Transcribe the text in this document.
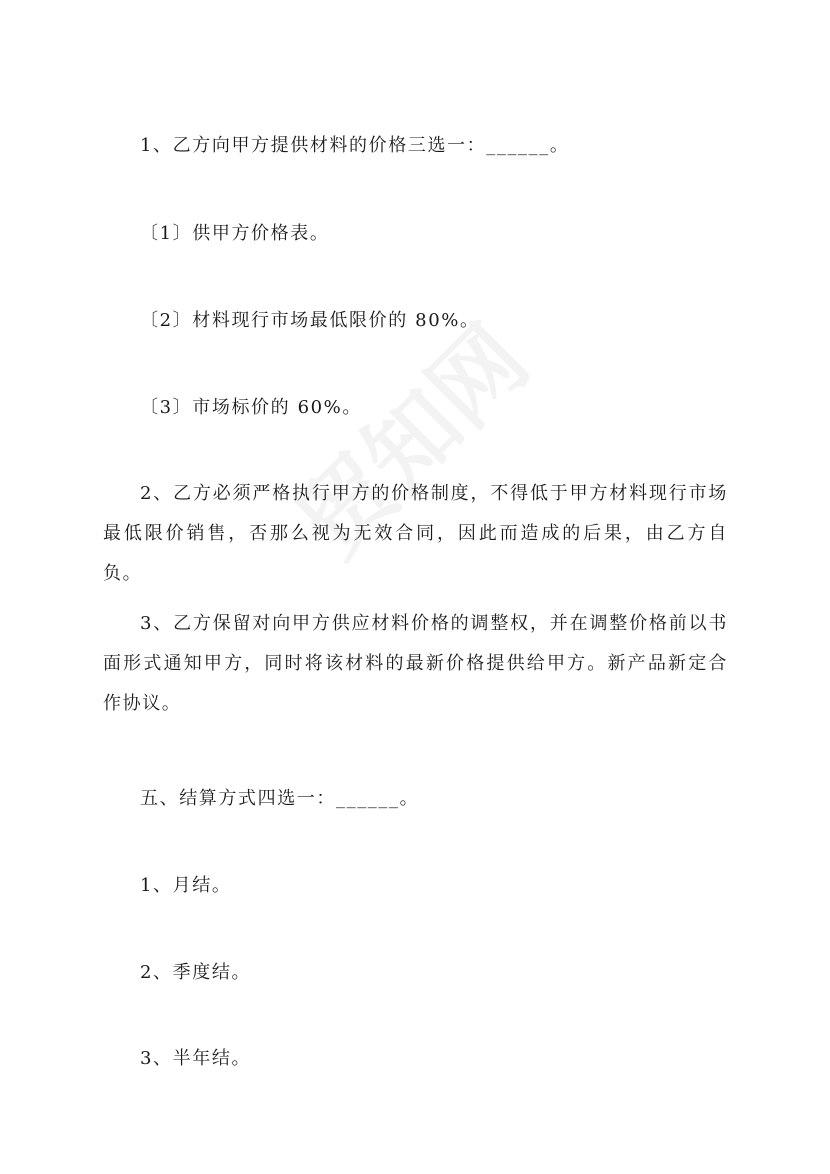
1、乙方向甲方提供材料的价格三选一：______。

〔1〕供甲方价格表。

〔2〕材料现行市场最低限价的 80%。

〔3〕市场标价的 60%。

2、乙方必须严格执行甲方的价格制度，不得低于甲方材料现行市场最低限价销售，否那么视为无效合同，因此而造成的后果，由乙方自负。

3、乙方保留对向甲方供应材料价格的调整权，并在调整价格前以书面形式通知甲方，同时将该材料的最新价格提供给甲方。新产品新定合作协议。

五、结算方式四选一：______。

1、月结。

2、季度结。

3、半年结。
